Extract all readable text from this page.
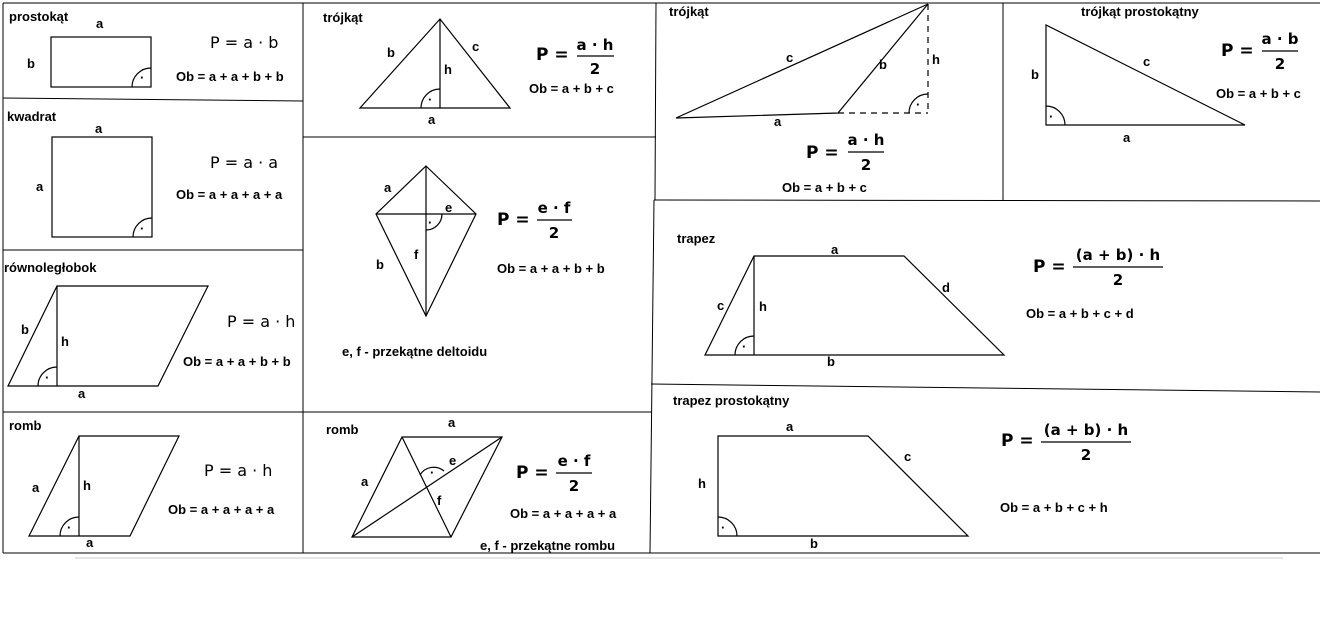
prostokąt
·
a
b
P = a · b
Ob = a + a + b + b
kwadrat
·
a
a
P = a · a
Ob = a + a + a + a
równoległobok
·
b
h
a
P = a · h
Ob = a + a + b + b
romb
·
a	h
a
P = a · h
Ob = a + a + a + a
trójkąt
·
b	c
h
a
P = a · h
2
Ob = a + b + c
·
a
b
e
f
P =
e · f
2
Ob = a + a + b + b
e, f - przekątne deltoidu
romb
·
a
a
e
f
P =
e · f
2
Ob = a + a + a + a
e, f - przekątne rombu
trójkąt
·
c	b	h
a
P =
a · h
2
Ob = a + b + c
trójkąt prostokątny
·
b
c
a
P =
a · b
2
Ob = a + b + c
trapez
·
a
c	h
d
b
P =
(a + b) · h
2
Ob = a + b + c + d
trapez prostokątny
·
a
h
c
b
P =
(a + b) · h
2
Ob = a + b + c + h
